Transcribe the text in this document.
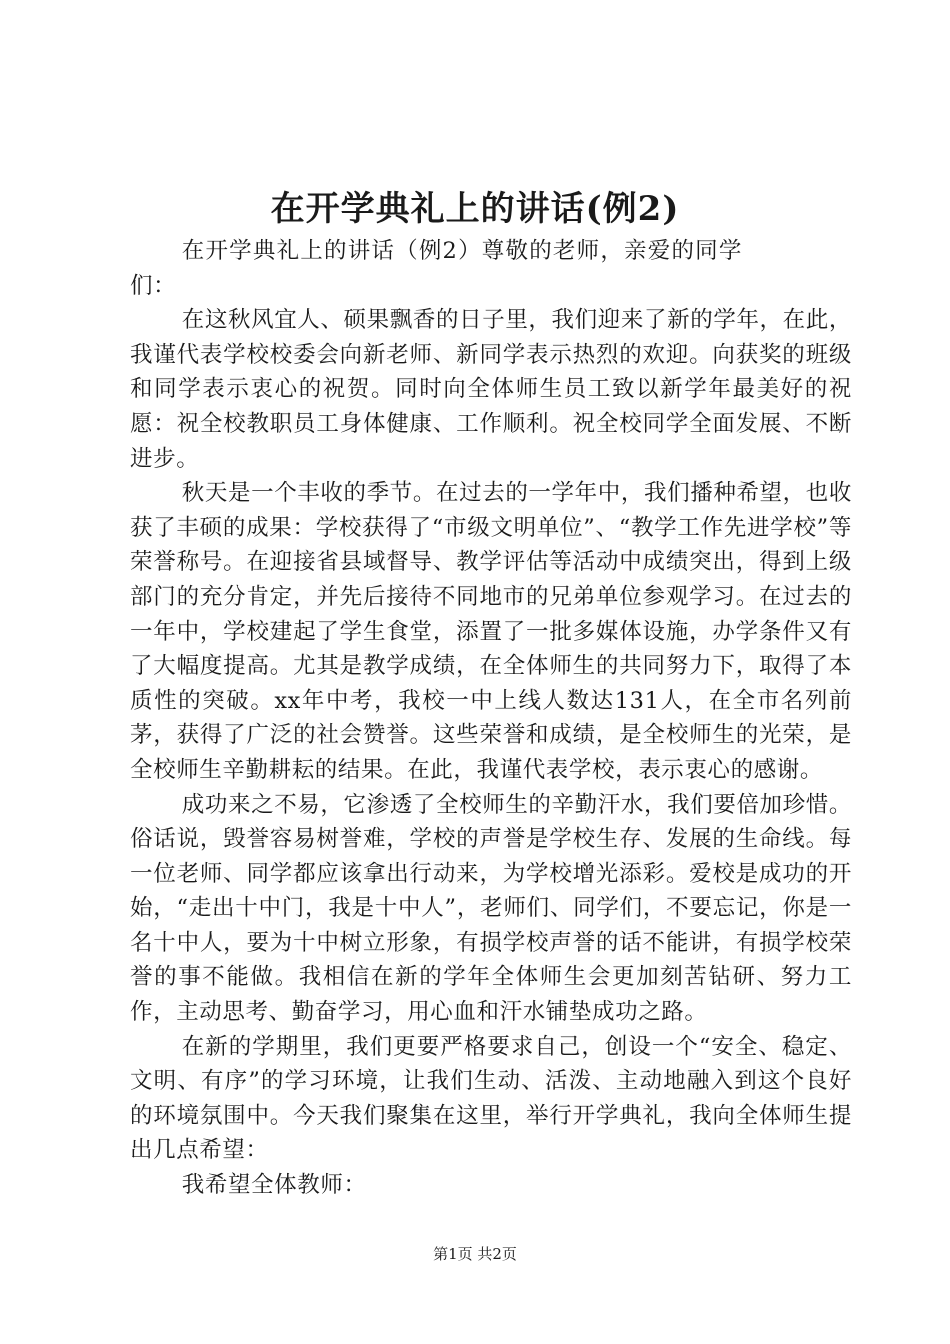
在开学典礼上的讲话(例2)

在开学典礼上的讲话（例2）尊敬的老师，亲爱的同学们：

在这秋风宜人、硕果飘香的日子里，我们迎来了新的学年，在此，我谨代表学校校委会向新老师、新同学表示热烈的欢迎。向获奖的班级和同学表示衷心的祝贺。同时向全体师生员工致以新学年最美好的祝愿：祝全校教职员工身体健康、工作顺利。祝全校同学全面发展、不断进步。

秋天是一个丰收的季节。在过去的一学年中，我们播种希望，也收获了丰硕的成果：学校获得了“市级文明单位”、“教学工作先进学校”等荣誉称号。在迎接省县域督导、教学评估等活动中成绩突出，得到上级部门的充分肯定，并先后接待不同地市的兄弟单位参观学习。在过去的一年中，学校建起了学生食堂，添置了一批多媒体设施，办学条件又有了大幅度提高。尤其是教学成绩，在全体师生的共同努力下，取得了本质性的突破。xx年中考，我校一中上线人数达131人，在全市名列前茅，获得了广泛的社会赞誉。这些荣誉和成绩，是全校师生的光荣，是全校师生辛勤耕耘的结果。在此，我谨代表学校，表示衷心的感谢。

成功来之不易，它渗透了全校师生的辛勤汗水，我们要倍加珍惜。俗话说，毁誉容易树誉难，学校的声誉是学校生存、发展的生命线。每一位老师、同学都应该拿出行动来，为学校增光添彩。爱校是成功的开始，“走出十中门，我是十中人”，老师们、同学们，不要忘记，你是一名十中人，要为十中树立形象，有损学校声誉的话不能讲，有损学校荣誉的事不能做。我相信在新的学年全体师生会更加刻苦钻研、努力工作，主动思考、勤奋学习，用心血和汗水铺垫成功之路。

在新的学期里，我们更要严格要求自己，创设一个“安全、稳定、文明、有序”的学习环境，让我们生动、活泼、主动地融入到这个良好的环境氛围中。今天我们聚集在这里，举行开学典礼，我向全体师生提出几点希望：

我希望全体教师：

第1页 共2页
